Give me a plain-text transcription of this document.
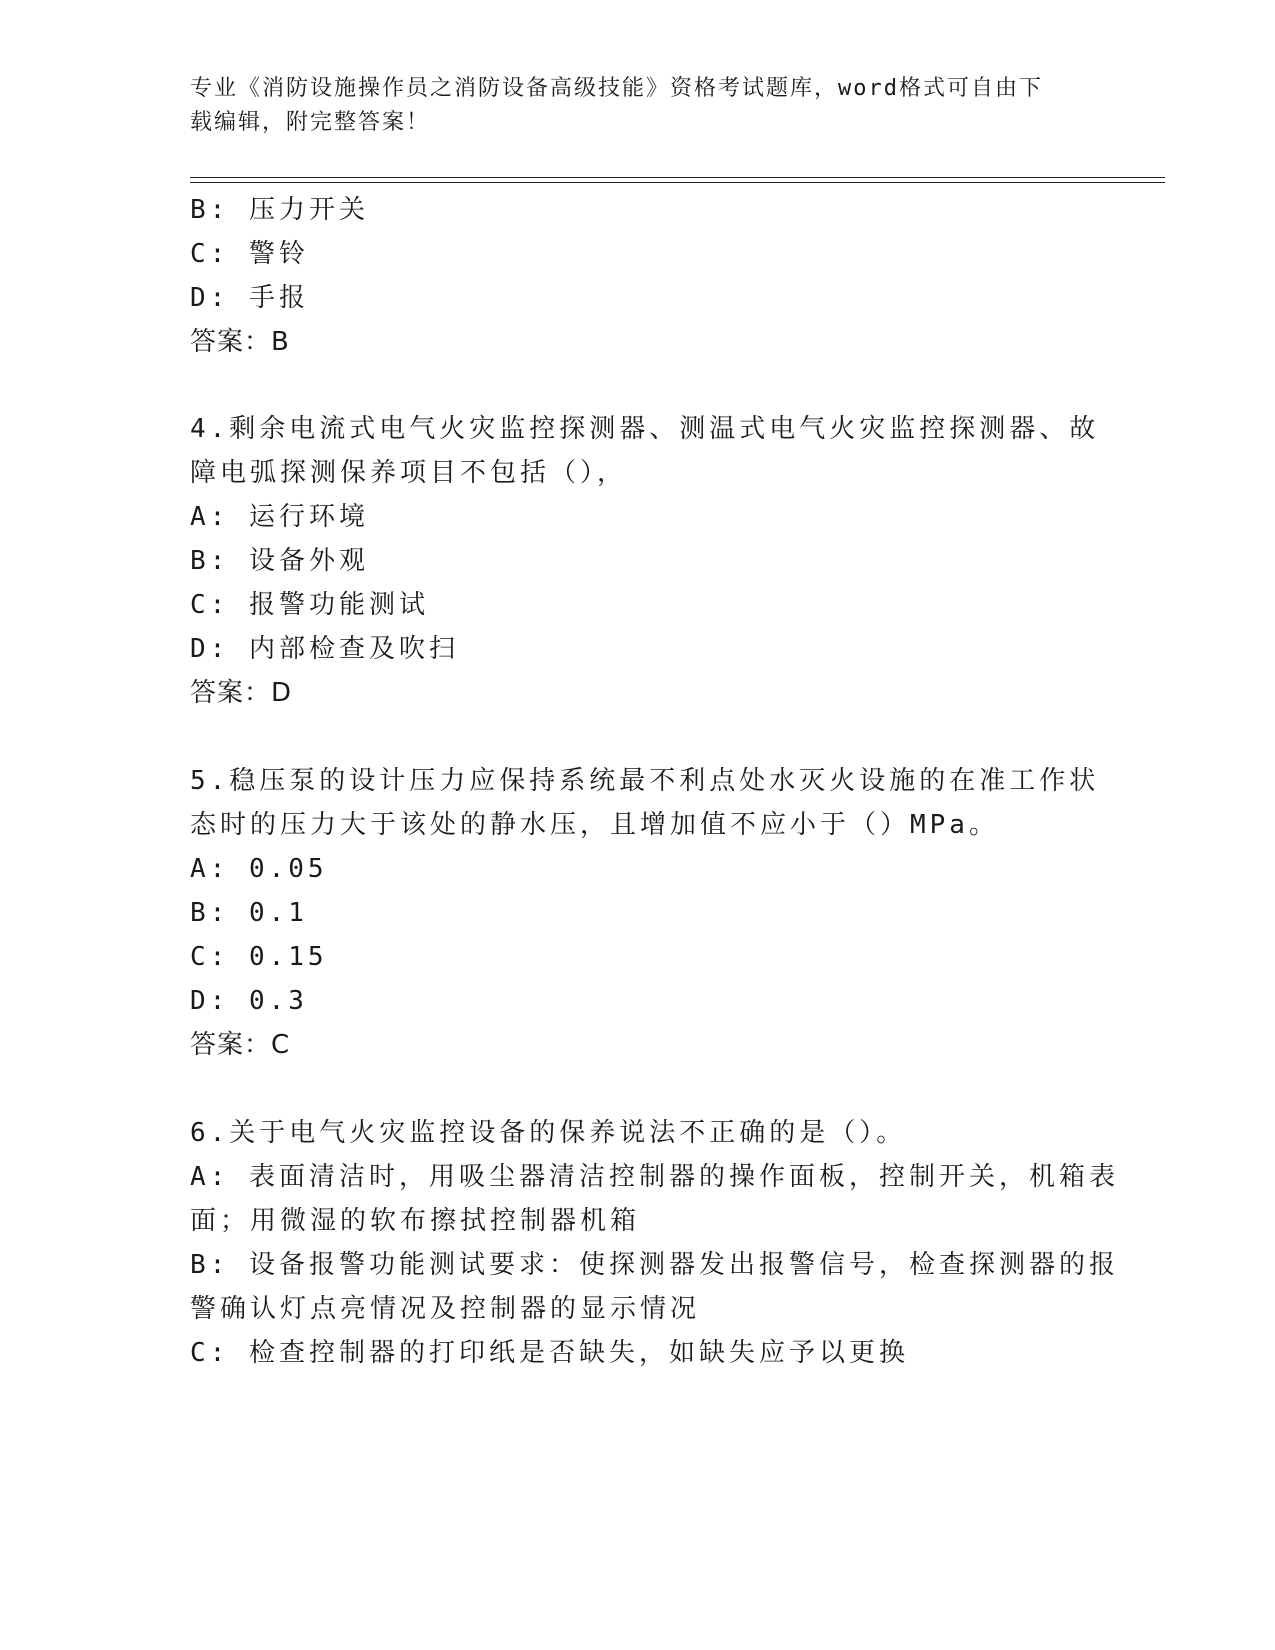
专业《消防设施操作员之消防设备高级技能》资格考试题库，word格式可自由下
载编辑，附完整答案！
B: 压力开关
C: 警铃
D: 手报
答案：B
4.剩余电流式电气火灾监控探测器、测温式电气火灾监控探测器、故
障电弧探测保养项目不包括（），
A: 运行环境
B: 设备外观
C: 报警功能测试
D: 内部检查及吹扫
答案：D
5.稳压泵的设计压力应保持系统最不利点处水灭火设施的在准工作状
态时的压力大于该处的静水压，且增加值不应小于（）MPa。
A: 0.05
B: 0.1
C: 0.15
D: 0.3
答案：C
6.关于电气火灾监控设备的保养说法不正确的是（）。
A: 表面清洁时，用吸尘器清洁控制器的操作面板，控制开关，机箱表
面；用微湿的软布擦拭控制器机箱
B: 设备报警功能测试要求：使探测器发出报警信号，检查探测器的报
警确认灯点亮情况及控制器的显示情况
C: 检查控制器的打印纸是否缺失，如缺失应予以更换
